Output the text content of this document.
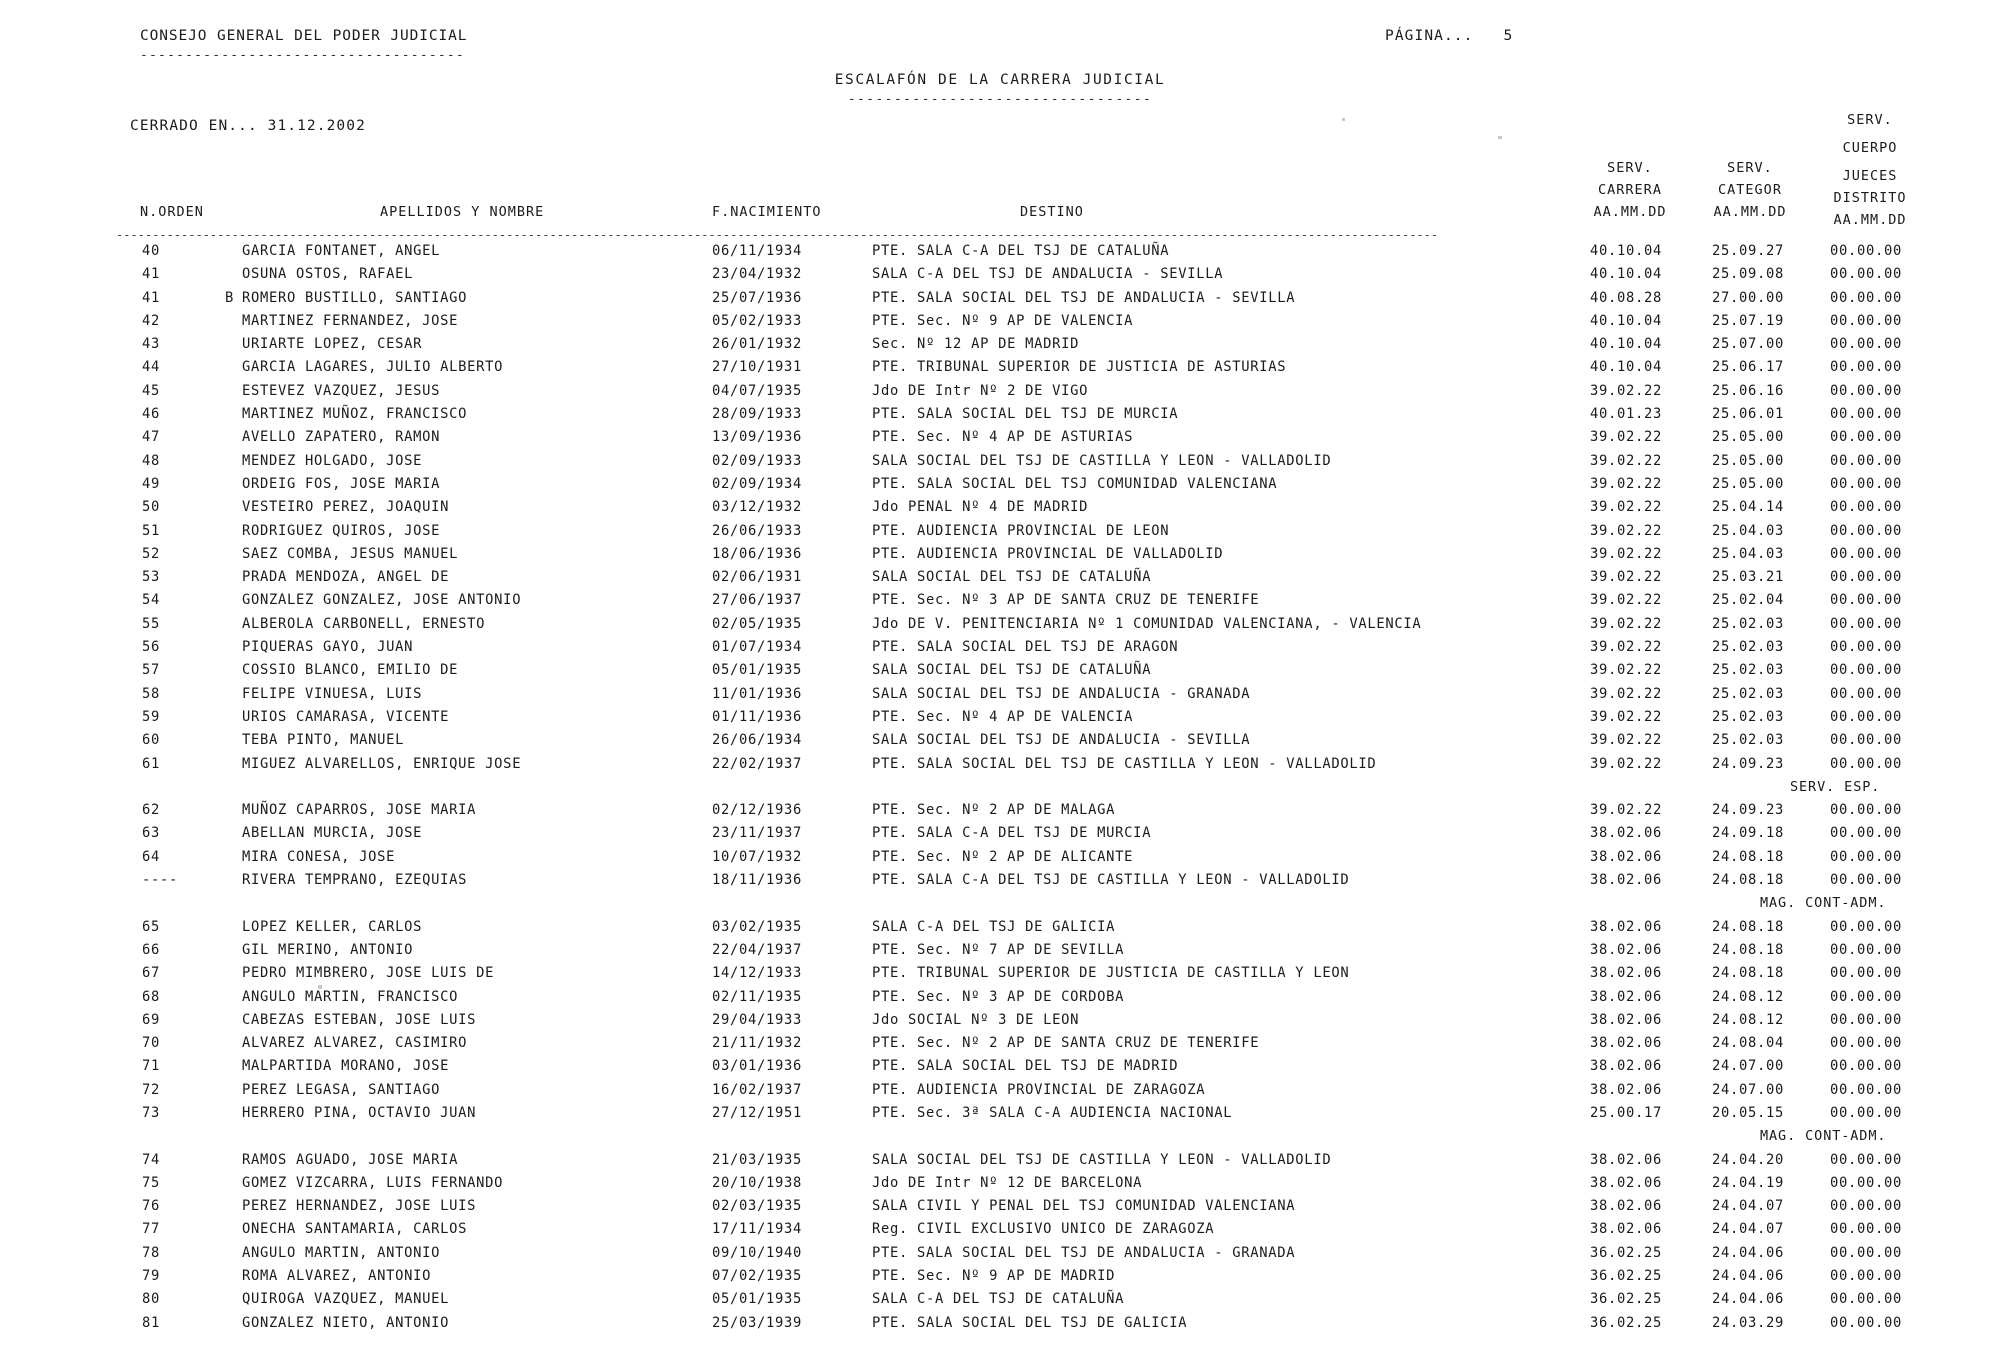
CONSEJO GENERAL DEL PODER JUDICIAL
------------------------------------
PÁGINA... 5
ESCALAFÓN DE LA CARRERA JUDICIAL
---------------------------------
CERRADO EN... 31.12.2002	SERV.
CUERPO
SERV.	SERV.	JUECES
CARRERA	CATEGOR	DISTRITO
AA.MM.DD	AA.MM.DD	AA.MM.DD
N.ORDEN	APELLIDOS Y NOMBRE	F.NACIMIENTO	DESTINO
---------------------------------------------------------------------------------------------------------------------------------------------------------------------------------------
40	GARCIA FONTANET, ANGEL	06/11/1934	PTE. SALA C-A DEL TSJ DE CATALUÑA	40.10.04	25.09.27	00.00.00
41	OSUNA OSTOS, RAFAEL	23/04/1932	SALA C-A DEL TSJ DE ANDALUCIA - SEVILLA	40.10.04	25.09.08	00.00.00
41	B ROMERO BUSTILLO, SANTIAGO	25/07/1936	PTE. SALA SOCIAL DEL TSJ DE ANDALUCIA - SEVILLA	40.08.28	27.00.00	00.00.00
42	MARTINEZ FERNANDEZ, JOSE	05/02/1933	PTE. Sec. Nº 9 AP DE VALENCIA	40.10.04	25.07.19	00.00.00
43	URIARTE LOPEZ, CESAR	26/01/1932	Sec. Nº 12 AP DE MADRID	40.10.04	25.07.00	00.00.00
44	GARCIA LAGARES, JULIO ALBERTO	27/10/1931	PTE. TRIBUNAL SUPERIOR DE JUSTICIA DE ASTURIAS	40.10.04	25.06.17	00.00.00
45	ESTEVEZ VAZQUEZ, JESUS	04/07/1935	Jdo DE Intr Nº 2 DE VIGO	39.02.22	25.06.16	00.00.00
46	MARTINEZ MUÑOZ, FRANCISCO	28/09/1933	PTE. SALA SOCIAL DEL TSJ DE MURCIA	40.01.23	25.06.01	00.00.00
47	AVELLO ZAPATERO, RAMON	13/09/1936	PTE. Sec. Nº 4 AP DE ASTURIAS	39.02.22	25.05.00	00.00.00
48	MENDEZ HOLGADO, JOSE	02/09/1933	SALA SOCIAL DEL TSJ DE CASTILLA Y LEON - VALLADOLID	39.02.22	25.05.00	00.00.00
49	ORDEIG FOS, JOSE MARIA	02/09/1934	PTE. SALA SOCIAL DEL TSJ COMUNIDAD VALENCIANA	39.02.22	25.05.00	00.00.00
50	VESTEIRO PEREZ, JOAQUIN	03/12/1932	Jdo PENAL Nº 4 DE MADRID	39.02.22	25.04.14	00.00.00
51	RODRIGUEZ QUIROS, JOSE	26/06/1933	PTE. AUDIENCIA PROVINCIAL DE LEON	39.02.22	25.04.03	00.00.00
52	SAEZ COMBA, JESUS MANUEL	18/06/1936	PTE. AUDIENCIA PROVINCIAL DE VALLADOLID	39.02.22	25.04.03	00.00.00
53	PRADA MENDOZA, ANGEL DE	02/06/1931	SALA SOCIAL DEL TSJ DE CATALUÑA	39.02.22	25.03.21	00.00.00
54	GONZALEZ GONZALEZ, JOSE ANTONIO	27/06/1937	PTE. Sec. Nº 3 AP DE SANTA CRUZ DE TENERIFE	39.02.22	25.02.04	00.00.00
55	ALBEROLA CARBONELL, ERNESTO	02/05/1935	Jdo DE V. PENITENCIARIA Nº 1 COMUNIDAD VALENCIANA, - VALENCIA	39.02.22	25.02.03	00.00.00
56	PIQUERAS GAYO, JUAN	01/07/1934	PTE. SALA SOCIAL DEL TSJ DE ARAGON	39.02.22	25.02.03	00.00.00
57	COSSIO BLANCO, EMILIO DE	05/01/1935	SALA SOCIAL DEL TSJ DE CATALUÑA	39.02.22	25.02.03	00.00.00
58	FELIPE VINUESA, LUIS	11/01/1936	SALA SOCIAL DEL TSJ DE ANDALUCIA - GRANADA	39.02.22	25.02.03	00.00.00
59	URIOS CAMARASA, VICENTE	01/11/1936	PTE. Sec. Nº 4 AP DE VALENCIA	39.02.22	25.02.03	00.00.00
60	TEBA PINTO, MANUEL	26/06/1934	SALA SOCIAL DEL TSJ DE ANDALUCIA - SEVILLA	39.02.22	25.02.03	00.00.00
61	MIGUEZ ALVARELLOS, ENRIQUE JOSE	22/02/1937	PTE. SALA SOCIAL DEL TSJ DE CASTILLA Y LEON - VALLADOLID	39.02.22	24.09.23	00.00.00
SERV. ESP.
62	MUÑOZ CAPARROS, JOSE MARIA	02/12/1936	PTE. Sec. Nº 2 AP DE MALAGA	39.02.22	24.09.23	00.00.00
63	ABELLAN MURCIA, JOSE	23/11/1937	PTE. SALA C-A DEL TSJ DE MURCIA	38.02.06	24.09.18	00.00.00
64	MIRA CONESA, JOSE	10/07/1932	PTE. Sec. Nº 2 AP DE ALICANTE	38.02.06	24.08.18	00.00.00
----	RIVERA TEMPRANO, EZEQUIAS	18/11/1936	PTE. SALA C-A DEL TSJ DE CASTILLA Y LEON - VALLADOLID	38.02.06	24.08.18	00.00.00
MAG. CONT-ADM.
65	LOPEZ KELLER, CARLOS	03/02/1935	SALA C-A DEL TSJ DE GALICIA	38.02.06	24.08.18	00.00.00
66	GIL MERINO, ANTONIO	22/04/1937	PTE. Sec. Nº 7 AP DE SEVILLA	38.02.06	24.08.18	00.00.00
67	PEDRO MIMBRERO, JOSE LUIS DE	14/12/1933	PTE. TRIBUNAL SUPERIOR DE JUSTICIA DE CASTILLA Y LEON	38.02.06	24.08.18	00.00.00
68	ANGULO MARTIN, FRANCISCO	02/11/1935	PTE. Sec. Nº 3 AP DE CORDOBA	38.02.06	24.08.12	00.00.00
69	CABEZAS ESTEBAN, JOSE LUIS	29/04/1933	Jdo SOCIAL Nº 3 DE LEON	38.02.06	24.08.12	00.00.00
70	ALVAREZ ALVAREZ, CASIMIRO	21/11/1932	PTE. Sec. Nº 2 AP DE SANTA CRUZ DE TENERIFE	38.02.06	24.08.04	00.00.00
71	MALPARTIDA MORANO, JOSE	03/01/1936	PTE. SALA SOCIAL DEL TSJ DE MADRID	38.02.06	24.07.00	00.00.00
72	PEREZ LEGASA, SANTIAGO	16/02/1937	PTE. AUDIENCIA PROVINCIAL DE ZARAGOZA	38.02.06	24.07.00	00.00.00
73	HERRERO PINA, OCTAVIO JUAN	27/12/1951	PTE. Sec. 3ª SALA C-A AUDIENCIA NACIONAL	25.00.17	20.05.15	00.00.00
MAG. CONT-ADM.
74	RAMOS AGUADO, JOSE MARIA	21/03/1935	SALA SOCIAL DEL TSJ DE CASTILLA Y LEON - VALLADOLID	38.02.06	24.04.20	00.00.00
75	GOMEZ VIZCARRA, LUIS FERNANDO	20/10/1938	Jdo DE Intr Nº 12 DE BARCELONA	38.02.06	24.04.19	00.00.00
76	PEREZ HERNANDEZ, JOSE LUIS	02/03/1935	SALA CIVIL Y PENAL DEL TSJ COMUNIDAD VALENCIANA	38.02.06	24.04.07	00.00.00
77	ONECHA SANTAMARIA, CARLOS	17/11/1934	Reg. CIVIL EXCLUSIVO UNICO DE ZARAGOZA	38.02.06	24.04.07	00.00.00
78	ANGULO MARTIN, ANTONIO	09/10/1940	PTE. SALA SOCIAL DEL TSJ DE ANDALUCIA - GRANADA	36.02.25	24.04.06	00.00.00
79	ROMA ALVAREZ, ANTONIO	07/02/1935	PTE. Sec. Nº 9 AP DE MADRID	36.02.25	24.04.06	00.00.00
80	QUIROGA VAZQUEZ, MANUEL	05/01/1935	SALA C-A DEL TSJ DE CATALUÑA	36.02.25	24.04.06	00.00.00
81	GONZALEZ NIETO, ANTONIO	25/03/1939	PTE. SALA SOCIAL DEL TSJ DE GALICIA	36.02.25	24.03.29	00.00.00
